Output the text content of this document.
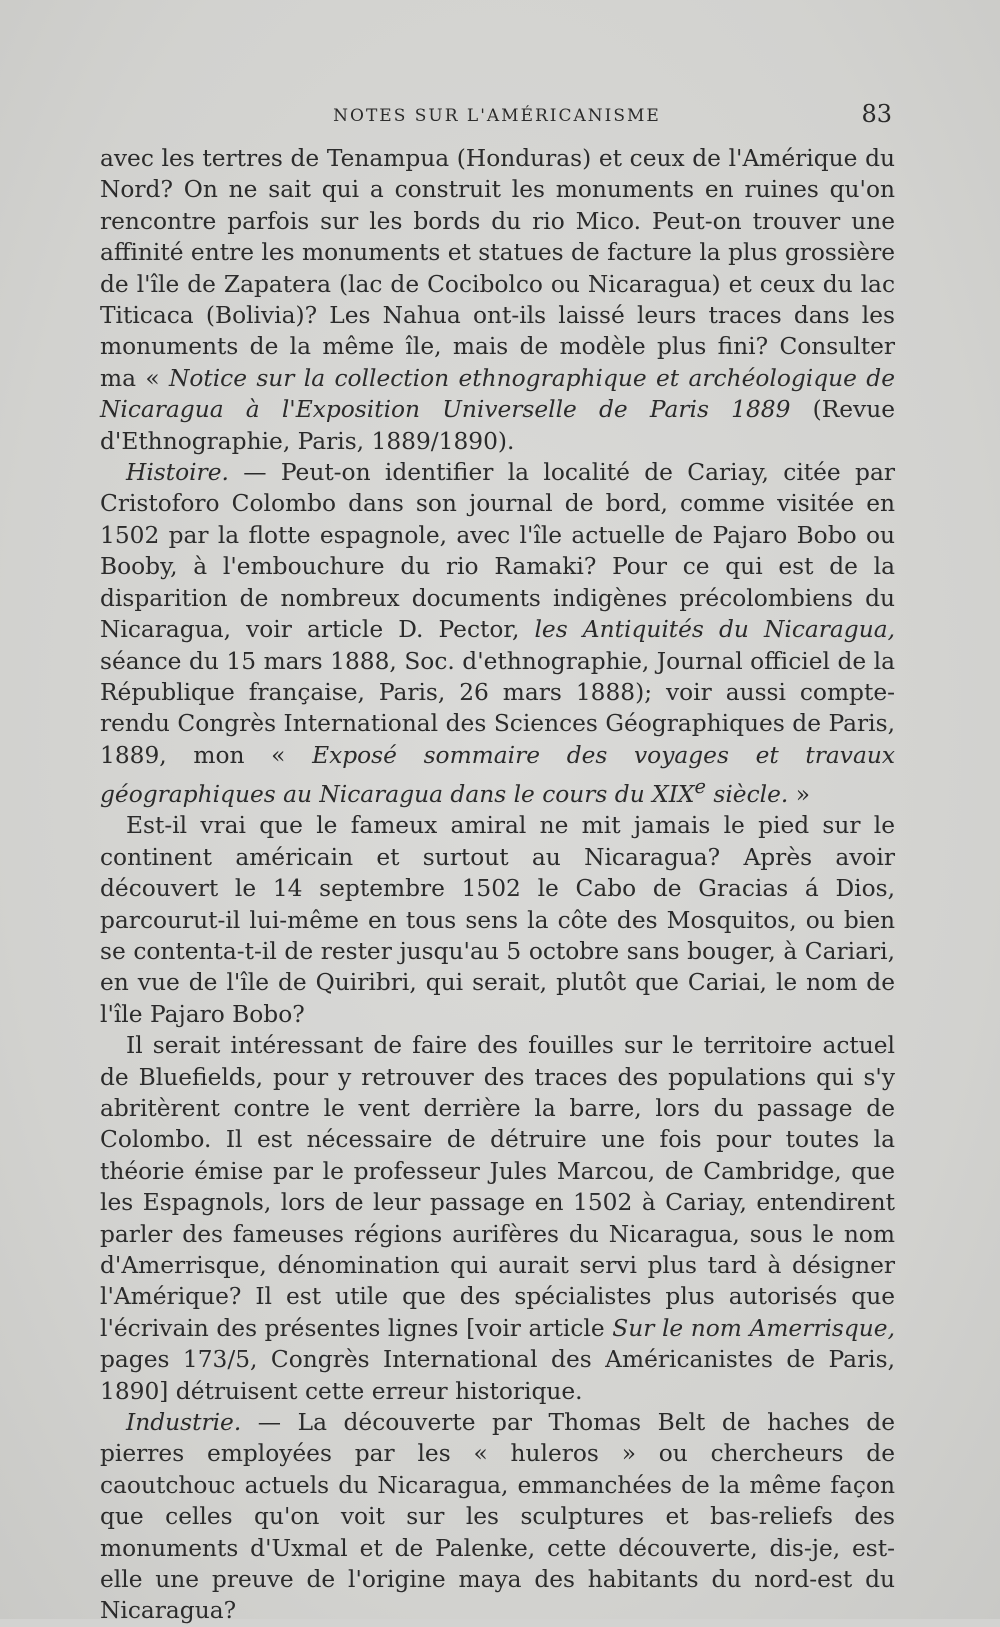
NOTES SUR L'AMÉRICANISME	83

avec les tertres de Tenampua (Honduras) et ceux de l'Amérique du Nord? On ne sait qui a construit les monuments en ruines qu'on rencontre parfois sur les bords du rio Mico. Peut-on trouver une affinité entre les monuments et statues de facture la plus grossière de l'île de Zapatera (lac de Cocibolco ou Nicaragua) et ceux du lac Titicaca (Bolivia)? Les Nahua ont-ils laissé leurs traces dans les monuments de la même île, mais de modèle plus fini? Consulter ma « Notice sur la collection ethnographique et archéologique de Nicaragua à l'Exposition Universelle de Paris 1889 (Revue d'Ethnographie, Paris, 1889/1890).

Histoire. — Peut-on identifier la localité de Cariay, citée par Cristoforo Colombo dans son journal de bord, comme visitée en 1502 par la flotte espagnole, avec l'île actuelle de Pajaro Bobo ou Booby, à l'embouchure du rio Ramaki? Pour ce qui est de la disparition de nombreux documents indigènes précolombiens du Nicaragua, voir article D. Pector, les Antiquités du Nicaragua, séance du 15 mars 1888, Soc. d'ethnographie, Journal officiel de la République française, Paris, 26 mars 1888); voir aussi compte-rendu Congrès International des Sciences Géographiques de Paris, 1889, mon « Exposé sommaire des voyages et travaux géographiques au Nicaragua dans le cours du XIXe siècle. »

Est-il vrai que le fameux amiral ne mit jamais le pied sur le continent américain et surtout au Nicaragua? Après avoir découvert le 14 septembre 1502 le Cabo de Gracias á Dios, parcourut-il lui-même en tous sens la côte des Mosquitos, ou bien se contenta-t-il de rester jusqu'au 5 octobre sans bouger, à Cariari, en vue de l'île de Quiribri, qui serait, plutôt que Cariai, le nom de l'île Pajaro Bobo?

Il serait intéressant de faire des fouilles sur le territoire actuel de Bluefields, pour y retrouver des traces des populations qui s'y abritèrent contre le vent derrière la barre, lors du passage de Colombo. Il est nécessaire de détruire une fois pour toutes la théorie émise par le professeur Jules Marcou, de Cambridge, que les Espagnols, lors de leur passage en 1502 à Cariay, entendirent parler des fameuses régions aurifères du Nicaragua, sous le nom d'Amerrisque, dénomination qui aurait servi plus tard à désigner l'Amérique? Il est utile que des spécialistes plus autorisés que l'écrivain des présentes lignes [voir article Sur le nom Amerrisque, pages 173/5, Congrès International des Américanistes de Paris, 1890] détruisent cette erreur historique.

Industrie. — La découverte par Thomas Belt de haches de pierres employées par les « huleros » ou chercheurs de caoutchouc actuels du Nicaragua, emmanchées de la même façon que celles qu'on voit sur les sculptures et bas-reliefs des monuments d'Uxmal et de Palenke, cette découverte, dis-je, est-elle une preuve de l'origine maya des habitants du nord-est du Nicaragua?
